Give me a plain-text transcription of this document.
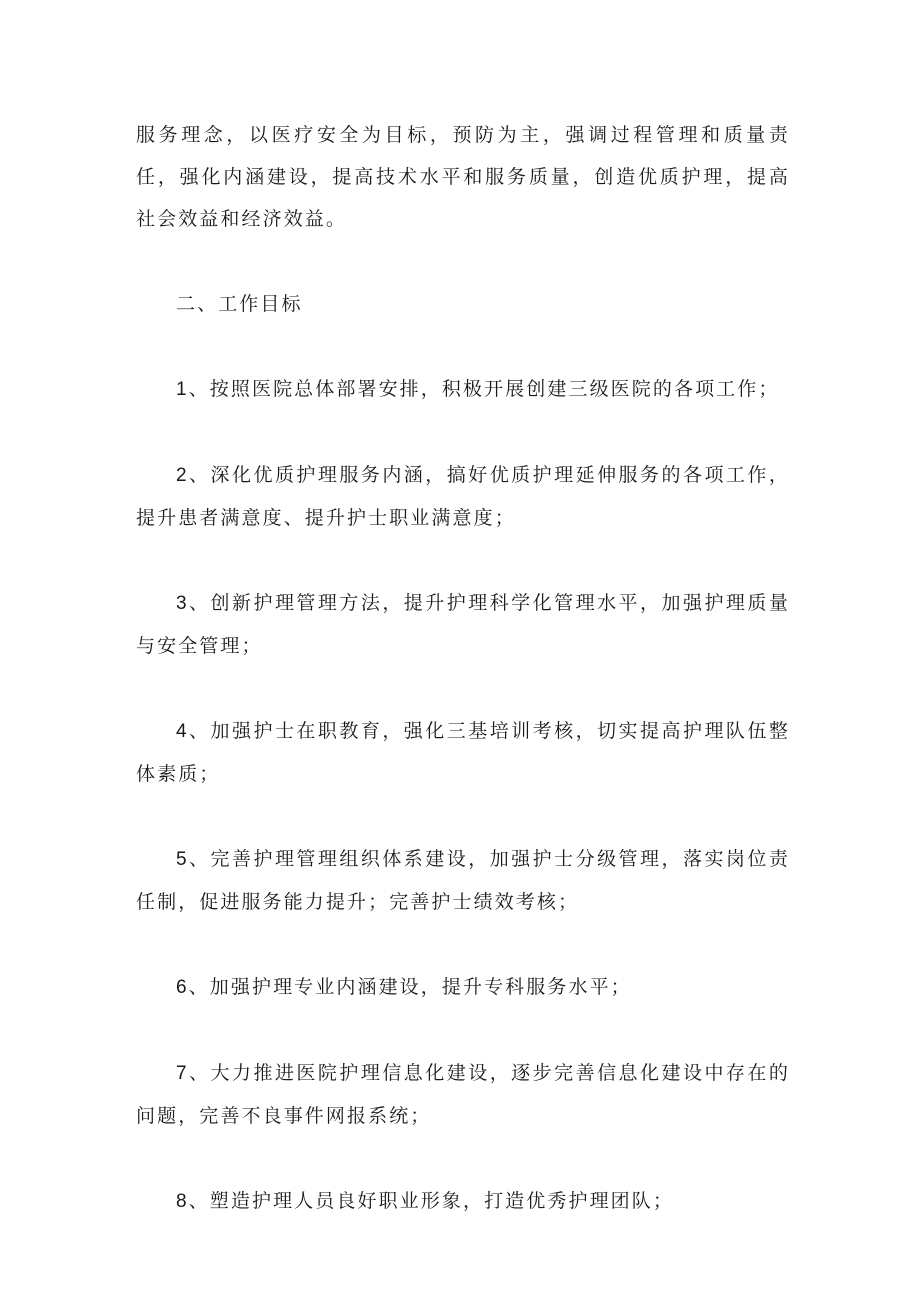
服务理念，以医疗安全为目标，预防为主，强调过程管理和质量责任，强化内涵建设，提高技术水平和服务质量，创造优质护理，提高社会效益和经济效益。

二、工作目标

1、按照医院总体部署安排，积极开展创建三级医院的各项工作；

2、深化优质护理服务内涵，搞好优质护理延伸服务的各项工作，提升患者满意度、提升护士职业满意度；

3、创新护理管理方法，提升护理科学化管理水平，加强护理质量与安全管理；

4、加强护士在职教育，强化三基培训考核，切实提高护理队伍整体素质；

5、完善护理管理组织体系建设，加强护士分级管理，落实岗位责任制，促进服务能力提升；完善护士绩效考核；

6、加强护理专业内涵建设，提升专科服务水平；

7、大力推进医院护理信息化建设，逐步完善信息化建设中存在的问题，完善不良事件网报系统；

8、塑造护理人员良好职业形象，打造优秀护理团队；
